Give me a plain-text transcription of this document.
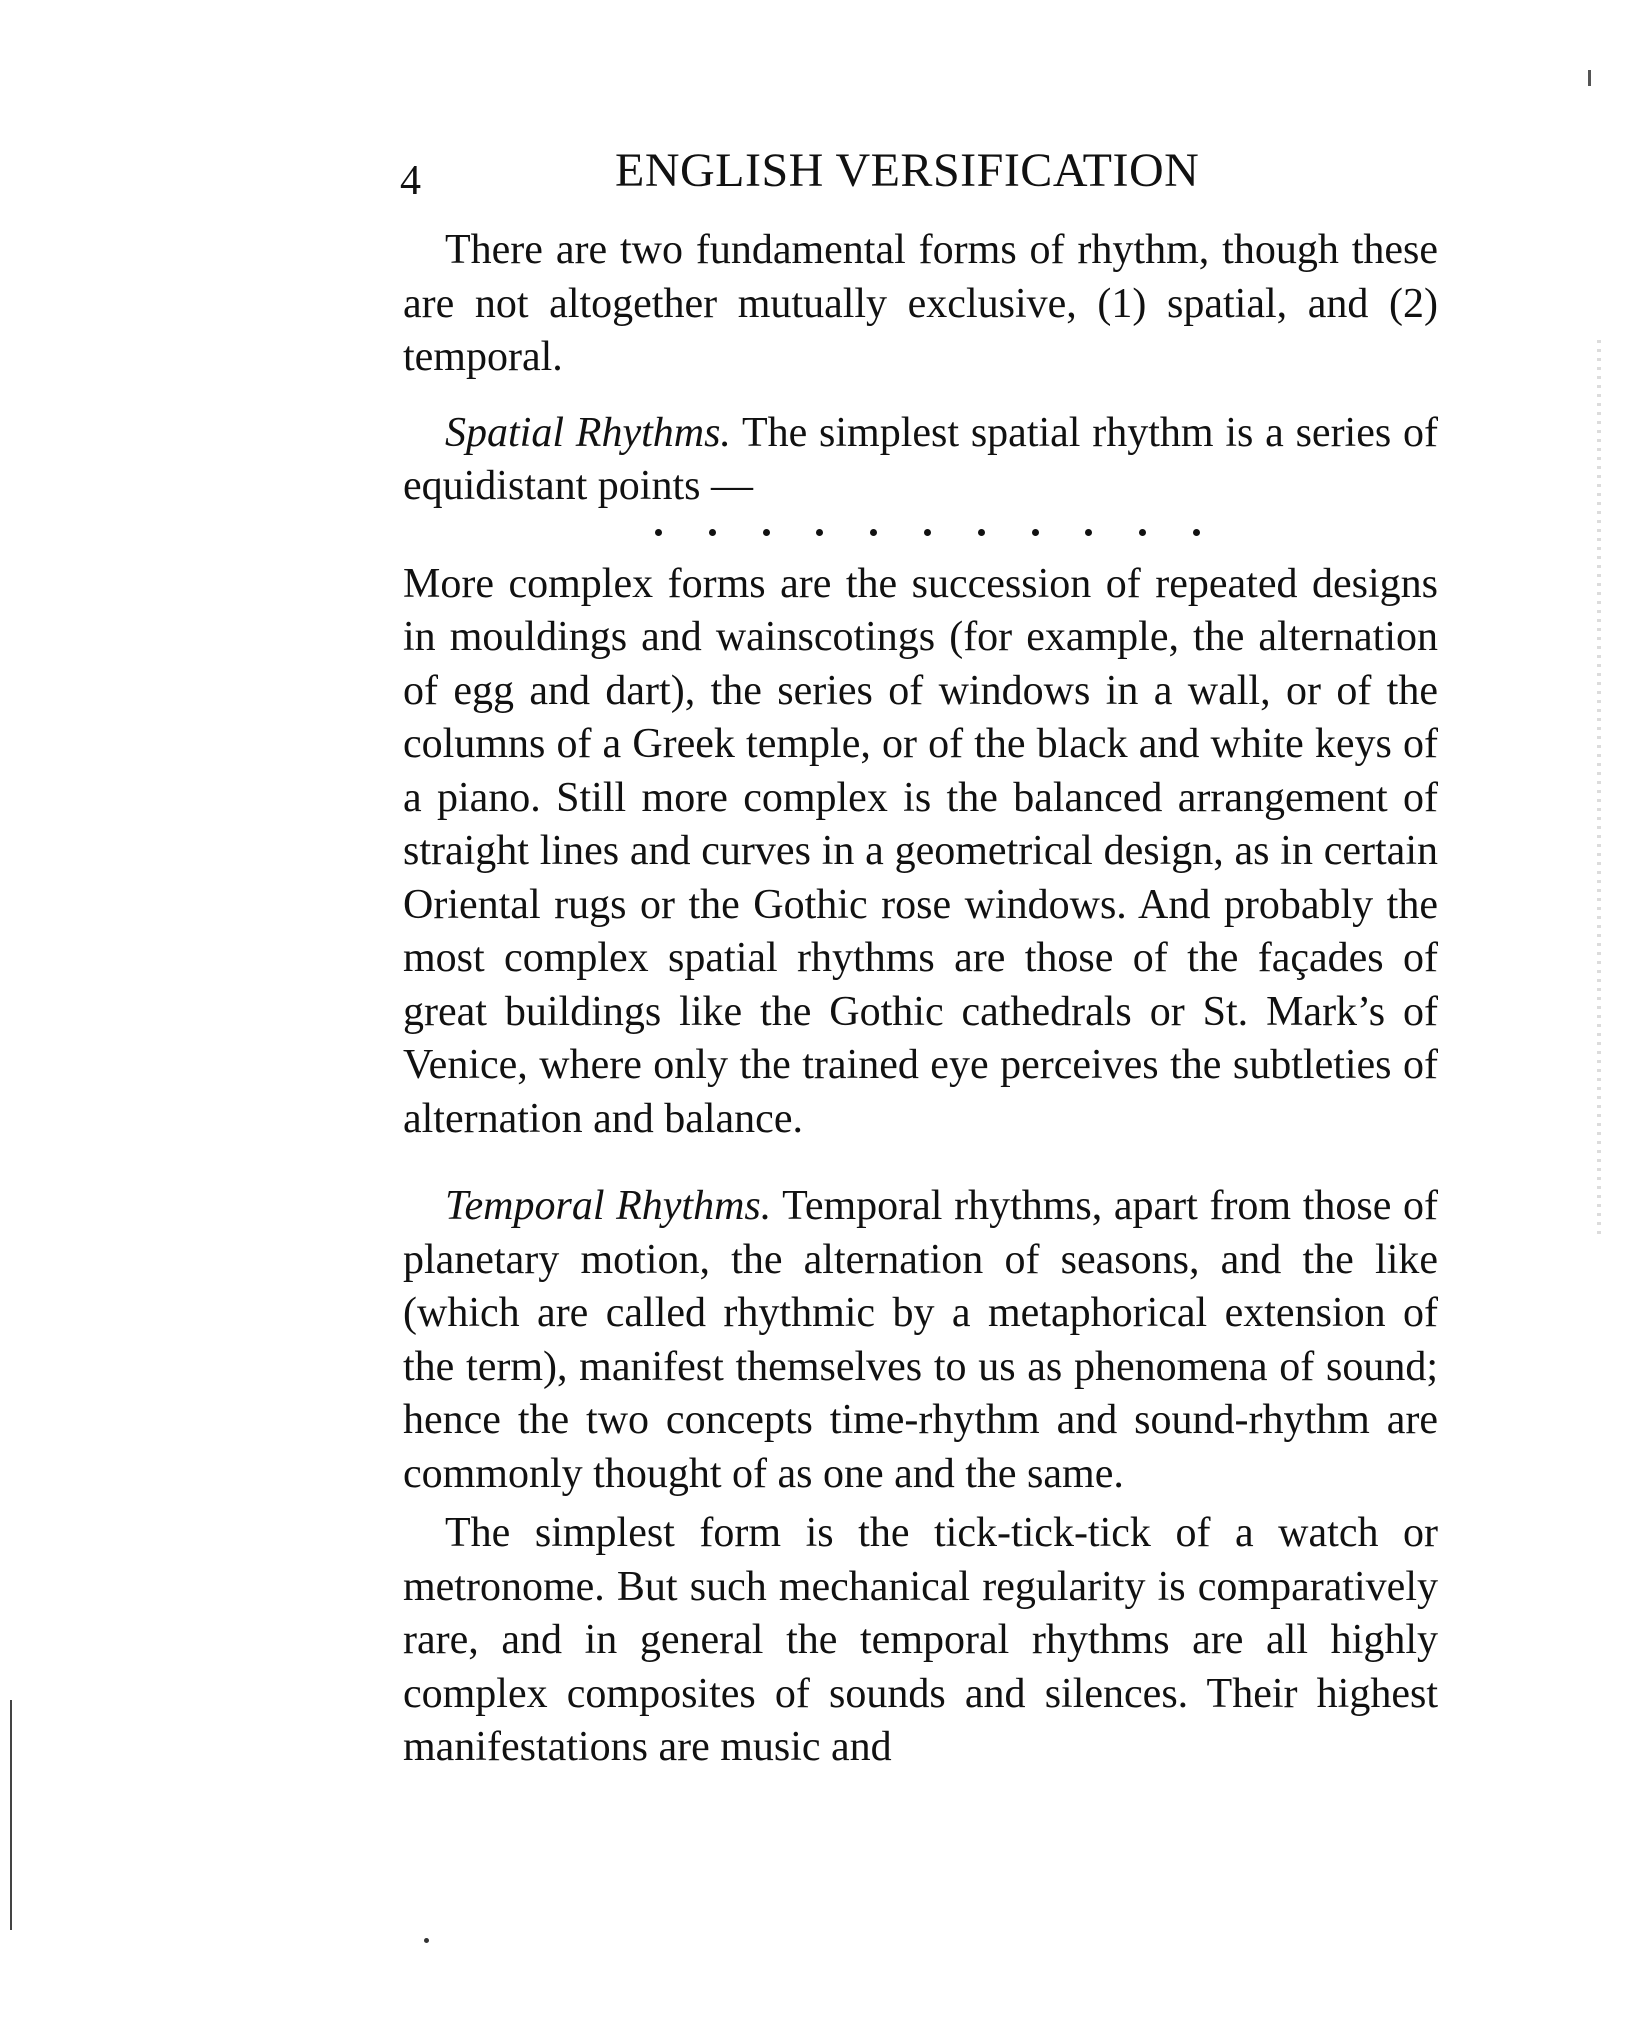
4	ENGLISH VERSIFICATION

There are two fundamental forms of rhythm, though these are not altogether mutually exclusive, (1) spatial, and (2) temporal.

Spatial Rhythms. The simplest spatial rhythm is a series of equidistant points —

More complex forms are the succession of repeated designs in mouldings and wainscotings (for example, the alternation of egg and dart), the series of windows in a wall, or of the columns of a Greek temple, or of the black and white keys of a piano. Still more complex is the balanced arrangement of straight lines and curves in a geometrical design, as in certain Oriental rugs or the Gothic rose windows. And probably the most complex spatial rhythms are those of the façades of great buildings like the Gothic cathedrals or St. Mark’s of Venice, where only the trained eye perceives the subtleties of alternation and balance.

Temporal Rhythms. Temporal rhythms, apart from those of planetary motion, the alternation of seasons, and the like (which are called rhythmic by a metaphorical extension of the term), manifest themselves to us as phenomena of sound; hence the two concepts time-rhythm and sound-rhythm are commonly thought of as one and the same.

The simplest form is the tick-tick-tick of a watch or metronome. But such mechanical regularity is comparatively rare, and in general the temporal rhythms are all highly complex composites of sounds and silences. Their highest manifestations are music and
